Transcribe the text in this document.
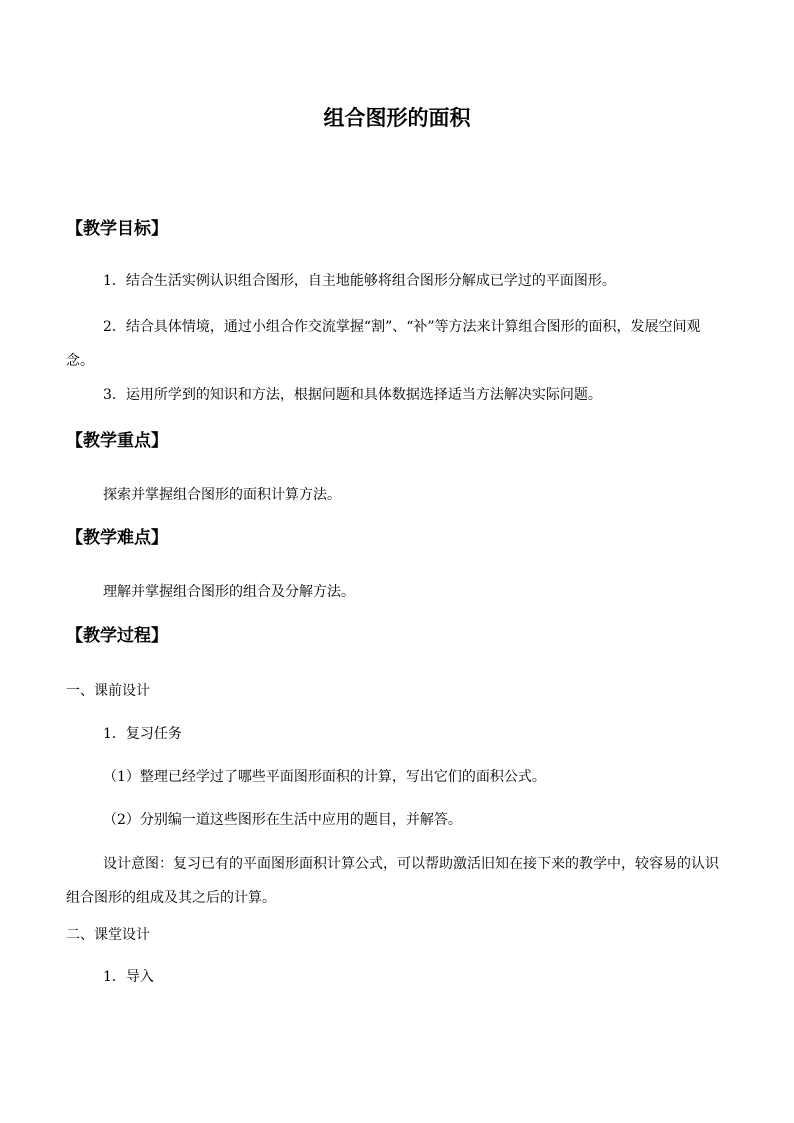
组合图形的面积
【教学目标】
1．结合生活实例认识组合图形，自主地能够将组合图形分解成已学过的平面图形。
2．结合具体情境，通过小组合作交流掌握“割”、“补”等方法来计算组合图形的面积，发展空间观念。
3．运用所学到的知识和方法，根据问题和具体数据选择适当方法解决实际问题。
【教学重点】
探索并掌握组合图形的面积计算方法。
【教学难点】
理解并掌握组合图形的组合及分解方法。
【教学过程】
一、课前设计
1．复习任务
（1）整理已经学过了哪些平面图形面积的计算，写出它们的面积公式。
（2）分别编一道这些图形在生活中应用的题目，并解答。
设计意图：复习已有的平面图形面积计算公式，可以帮助激活旧知在接下来的教学中，较容易的认识组合图形的组成及其之后的计算。
二、课堂设计
1．导入
